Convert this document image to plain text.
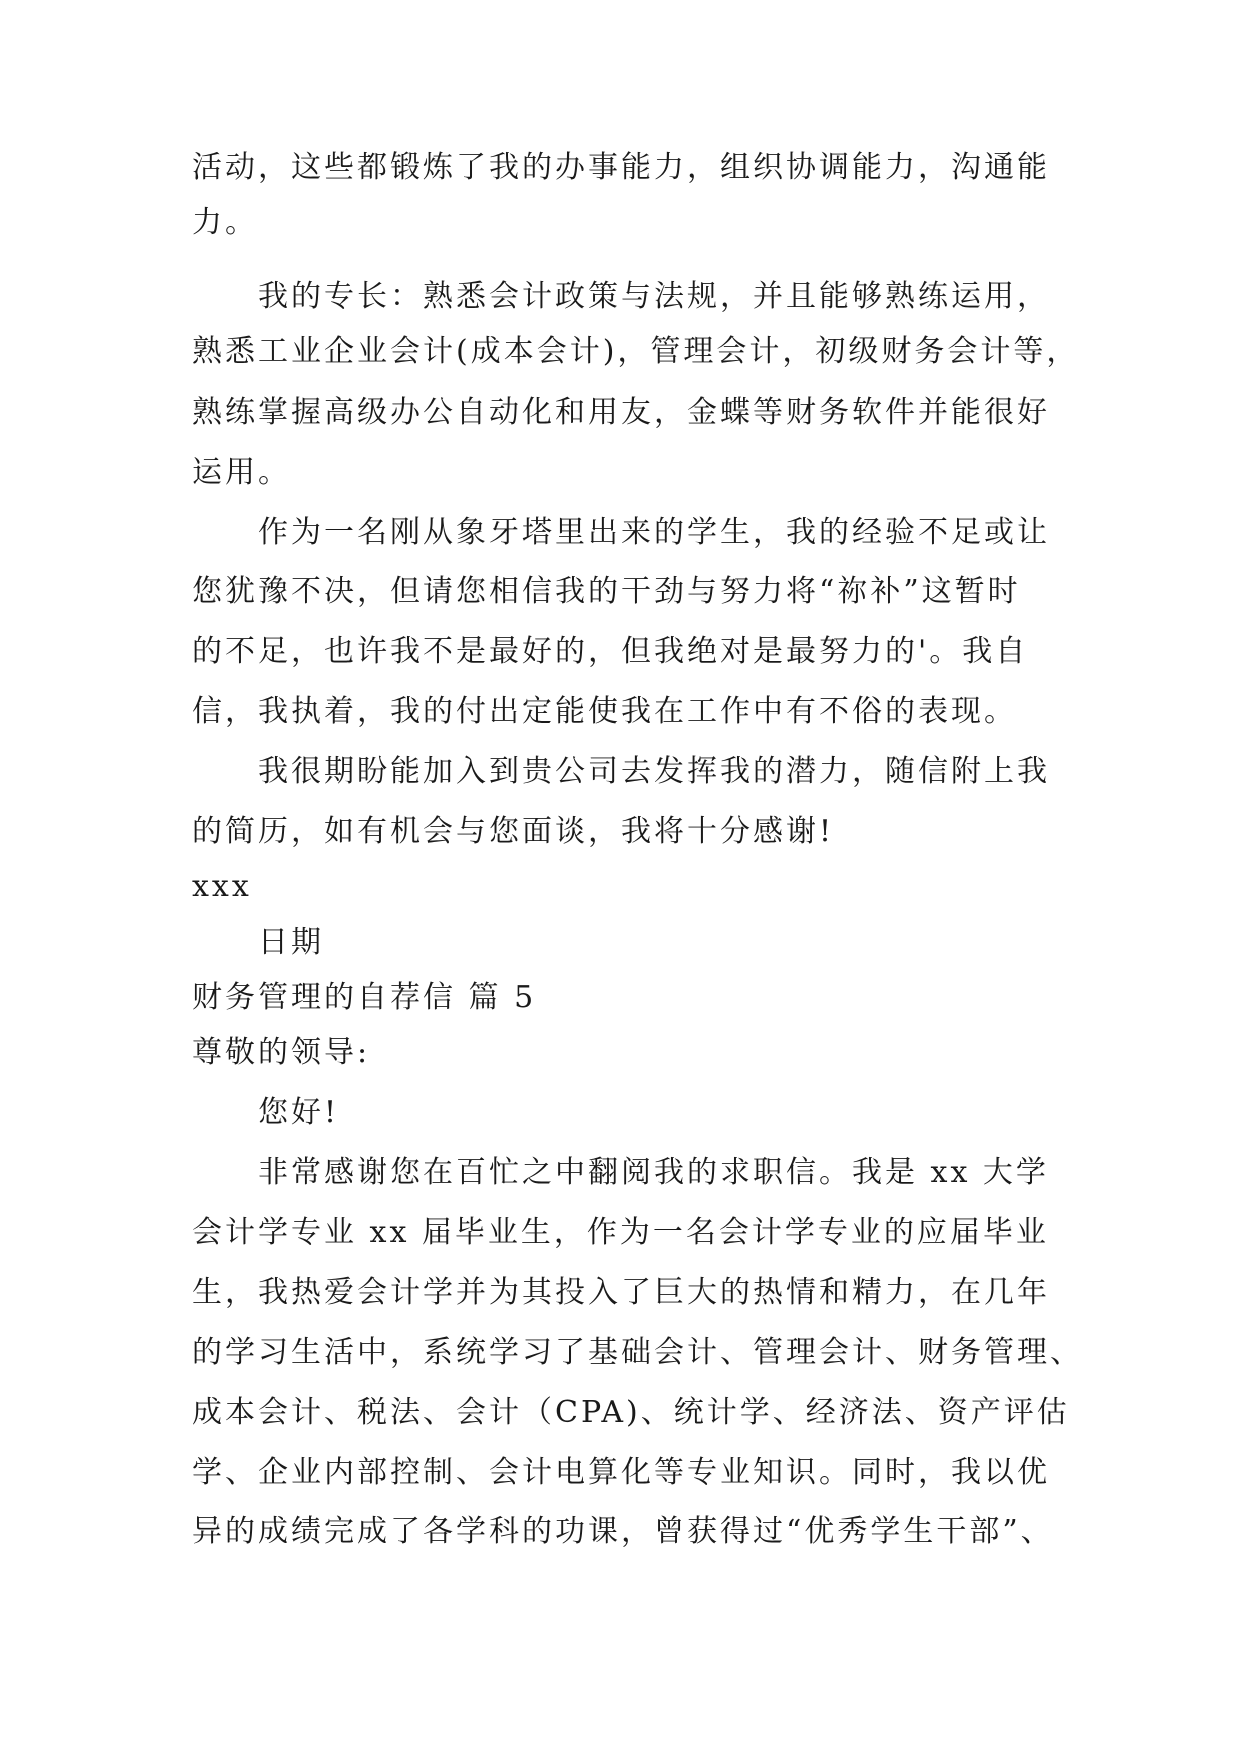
活动，这些都锻炼了我的办事能力，组织协调能力，沟通能
力。
我的专长：熟悉会计政策与法规，并且能够熟练运用，
熟悉工业企业会计(成本会计)，管理会计，初级财务会计等，
熟练掌握高级办公自动化和用友，金蝶等财务软件并能很好
运用。
作为一名刚从象牙塔里出来的学生，我的经验不足或让
您犹豫不决，但请您相信我的干劲与努力将“祢补”这暂时
的不足，也许我不是最好的，但我绝对是最努力的'。我自
信，我执着，我的付出定能使我在工作中有不俗的表现。
我很期盼能加入到贵公司去发挥我的潜力，随信附上我
的简历，如有机会与您面谈，我将十分感谢!
xxx
日期
财务管理的自荐信 篇 5
尊敬的领导:
您好!
非常感谢您在百忙之中翻阅我的求职信。我是 xx 大学
会计学专业 xx 届毕业生，作为一名会计学专业的应届毕业
生，我热爱会计学并为其投入了巨大的热情和精力，在几年
的学习生活中，系统学习了基础会计、管理会计、财务管理、
成本会计、税法、会计（CPA)、统计学、经济法、资产评估
学、企业内部控制、会计电算化等专业知识。同时，我以优
异的成绩完成了各学科的功课，曾获得过“优秀学生干部”、
